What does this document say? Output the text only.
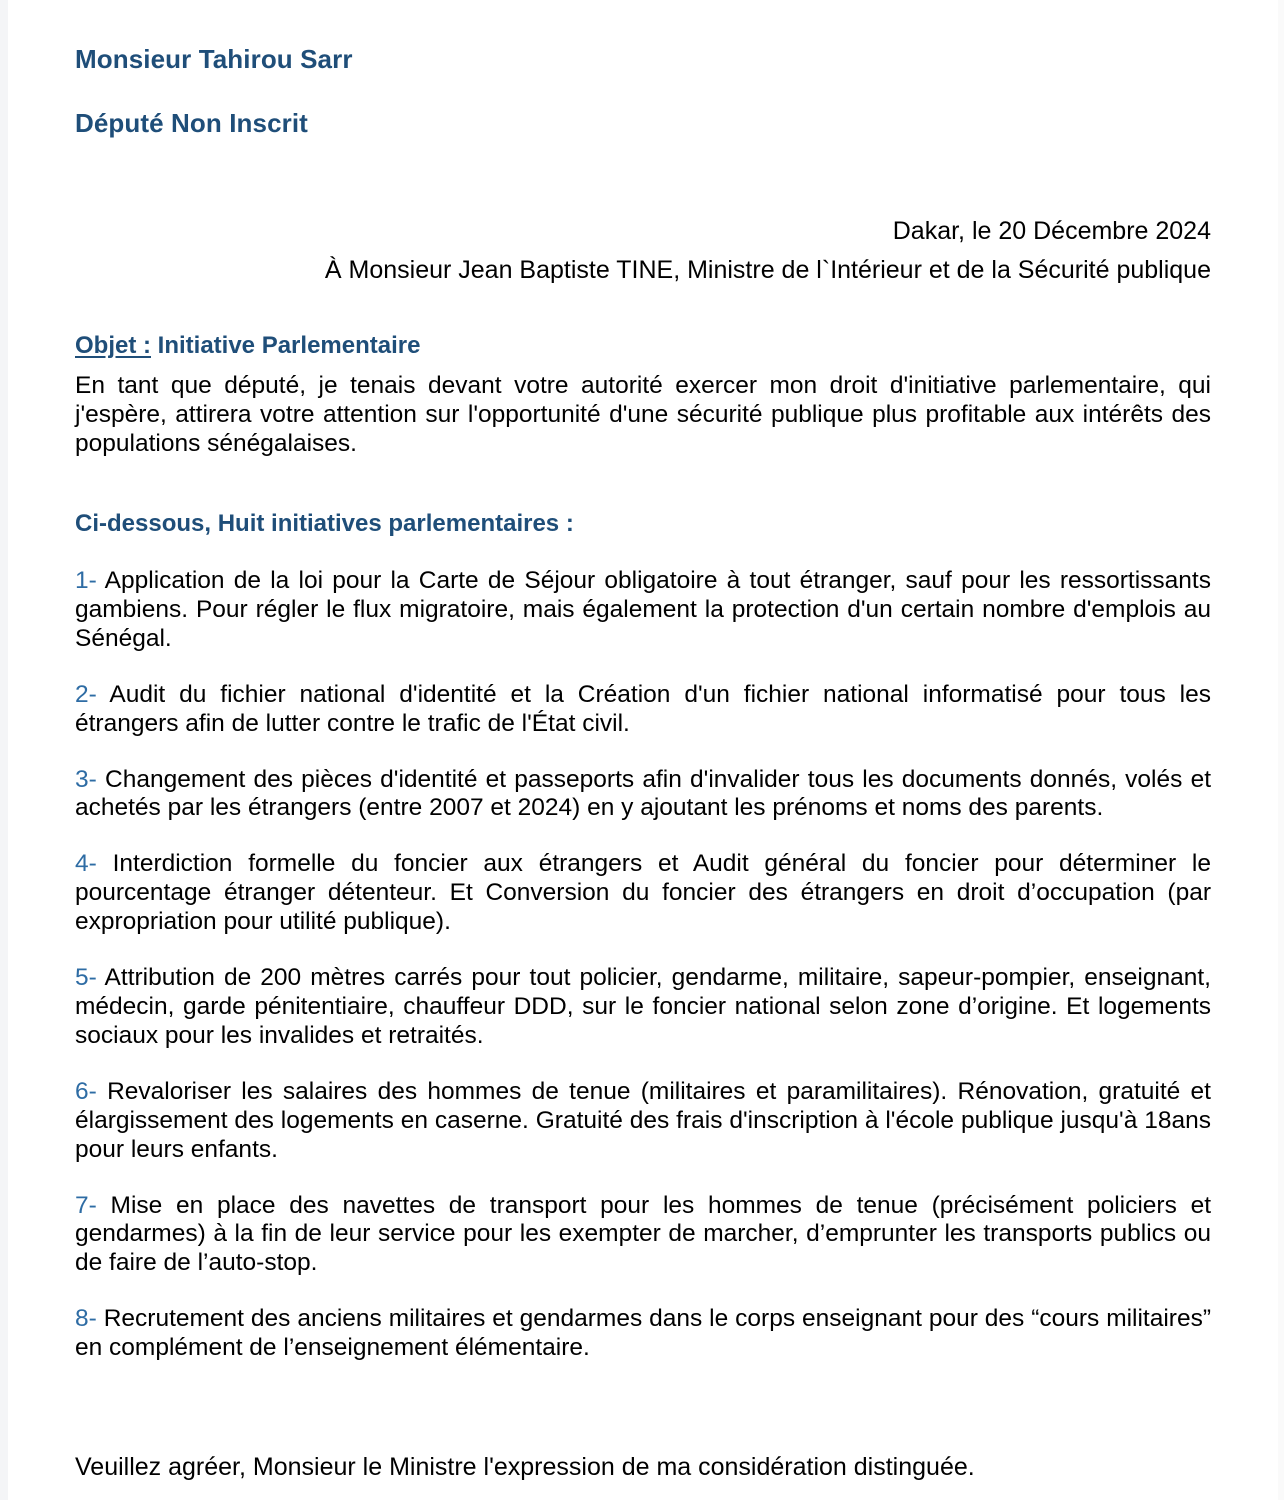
Monsieur Tahirou Sarr
Député Non Inscrit
Dakar, le 20 Décembre 2024
À Monsieur Jean Baptiste TINE, Ministre de l`Intérieur et de la Sécurité publique
Objet : Initiative Parlementaire
En tant que député, je tenais devant votre autorité exercer mon droit d'initiative parlementaire, qui j'espère, attirera votre attention sur l'opportunité d'une sécurité publique plus profitable aux intérêts des populations sénégalaises.
Ci-dessous, Huit initiatives parlementaires :
1- Application de la loi pour la Carte de Séjour obligatoire à tout étranger, sauf pour les ressortissants gambiens. Pour régler le flux migratoire, mais également la protection d'un certain nombre d'emplois au Sénégal.
2- Audit du fichier national d'identité et la Création d'un fichier national informatisé pour tous les étrangers afin de lutter contre le trafic de l'État civil.
3- Changement des pièces d'identité et passeports afin d'invalider tous les documents donnés, volés et achetés par les étrangers (entre 2007 et 2024) en y ajoutant les prénoms et noms des parents.
4- Interdiction formelle du foncier aux étrangers et Audit général du foncier pour déterminer le pourcentage étranger détenteur. Et Conversion du foncier des étrangers en droit d’occupation (par expropriation pour utilité publique).
5- Attribution de 200 mètres carrés pour tout policier, gendarme, militaire, sapeur-pompier, enseignant, médecin, garde pénitentiaire, chauffeur DDD, sur le foncier national selon zone d’origine. Et logements sociaux pour les invalides et retraités.
6- Revaloriser les salaires des hommes de tenue (militaires et paramilitaires). Rénovation, gratuité et élargissement des logements en caserne. Gratuité des frais d'inscription à l'école publique jusqu'à 18ans pour leurs enfants.
7- Mise en place des navettes de transport pour les hommes de tenue (précisément policiers et gendarmes) à la fin de leur service pour les exempter de marcher, d’emprunter les transports publics ou de faire de l’auto-stop.
8- Recrutement des anciens militaires et gendarmes dans le corps enseignant pour des “cours militaires” en complément de l’enseignement élémentaire.
Veuillez agréer, Monsieur le Ministre l'expression de ma considération distinguée.
